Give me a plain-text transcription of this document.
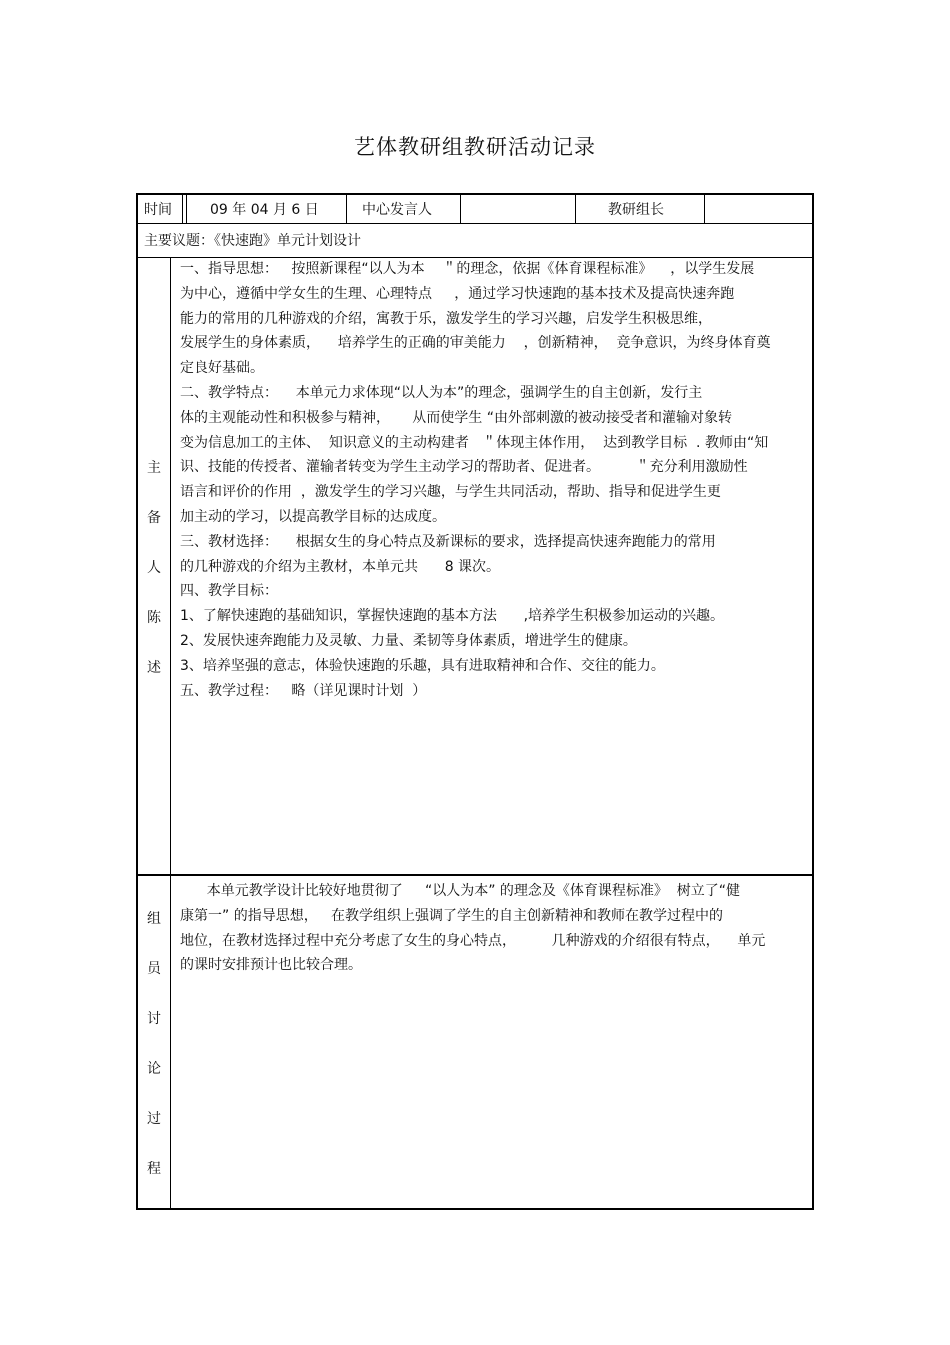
艺体教研组教研活动记录
时间	09 年 04 月 6 日	中心发言人	教研组长
主要议题：《快速跑》单元计划设计
主
备
人
陈
述

一、指导思想：   按照新课程“以人为本    ＂的理念，依据《体育课程标准》    ，以学生发展

为中心，遵循中学女生的生理、心理特点     ，通过学习快速跑的基本技术及提高快速奔跑

能力的常用的几种游戏的介绍，寓教于乐，激发学生的学习兴趣，启发学生积极思维，

发展学生的身体素质，    培养学生的正确的审美能力    ，创新精神，  竞争意识，为终身体育奠

定良好基础。

二、教学特点：    本单元力求体现“以人为本”的理念，强调学生的自主创新，发行主

体的主观能动性和积极参与精神，     从而使学生 “由外部刺激的被动接受者和灌输对象转

变为信息加工的主体、  知识意义的主动构建者   ＂体现主体作用，  达到教学目标  . 教师由“知

识、技能的传授者、灌输者转变为学生主动学习的帮助者、促进者。        ＂充分利用激励性

语言和评价的作用  ，激发学生的学习兴趣，与学生共同活动，帮助、指导和促进学生更

加主动的学习，以提高教学目标的达成度。

三、教材选择：    根据女生的身心特点及新课标的要求，选择提高快速奔跑能力的常用

的几种游戏的介绍为主教材，本单元共      8 课次。

四、教学目标：

1、了解快速跑的基础知识，掌握快速跑的基本方法      ,培养学生积极参加运动的兴趣。

2、发展快速奔跑能力及灵敏、力量、柔韧等身体素质，增进学生的健康。

3、培养坚强的意志，体验快速跑的乐趣，具有进取精神和合作、交往的能力。

五、教学过程：   略（详见课时计划  ）

组
员
讨
论
过
程

本单元教学设计比较好地贯彻了     “以人为本” 的理念及《体育课程标准》  树立了“健

康第一” 的指导思想，   在教学组织上强调了学生的自主创新精神和教师在教学过程中的

地位，在教材选择过程中充分考虑了女生的身心特点，        几种游戏的介绍很有特点，    单元

的课时安排预计也比较合理。
